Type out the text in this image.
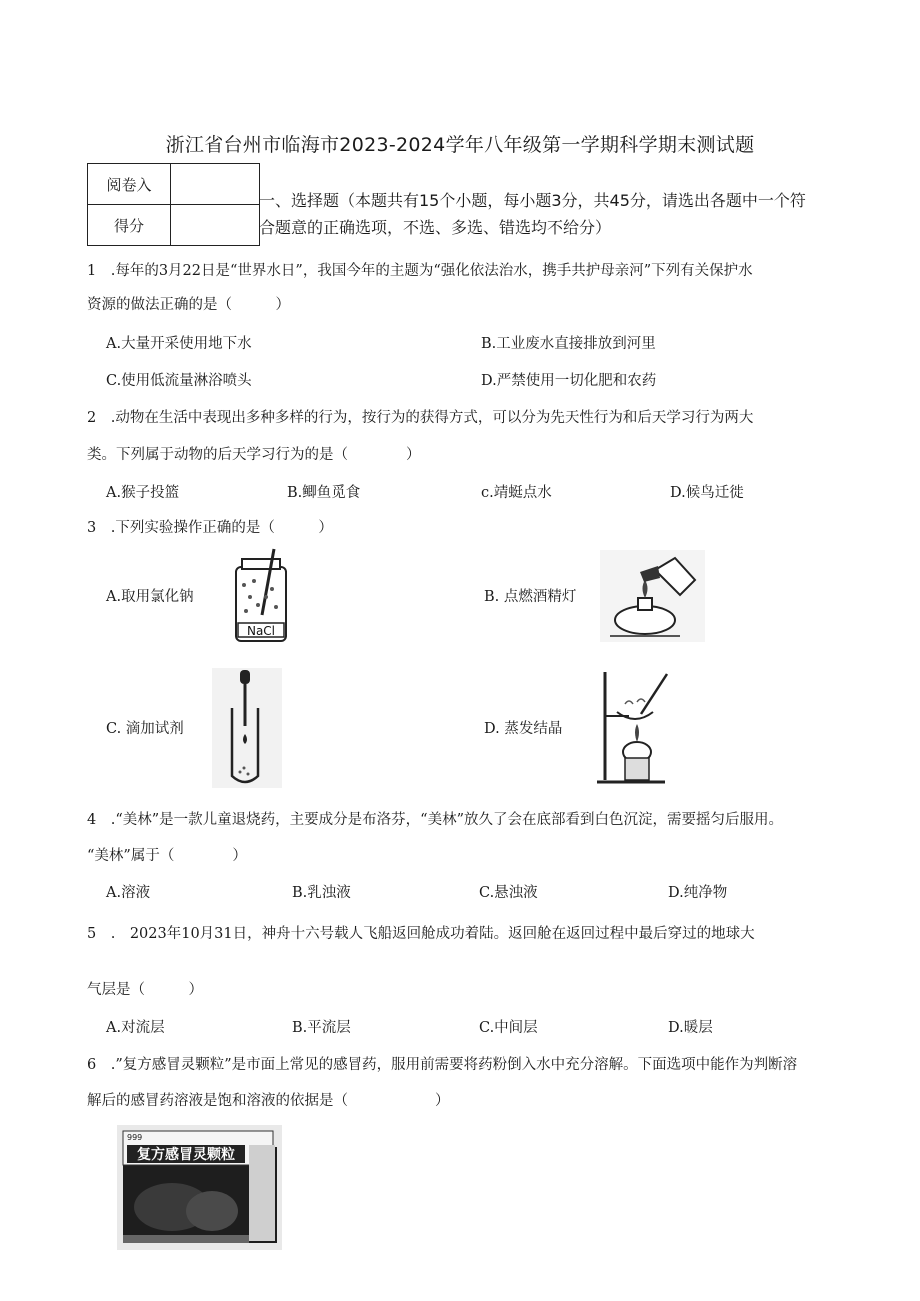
浙江省台州市临海市2023-2024学年八年级第一学期科学期末测试题
阅卷入	
得分	
一、选择题（本题共有15个小题，每小题3分，共45分，请选出各题中一个符
合题意的正确选项，不选、多选、错选均不给分）
1　.每年的3月22日是“世界水日”，我国今年的主题为“强化依法治水，携手共护母亲河”下列有关保护水
资源的做法正确的是（　　　）
A.大量开采使用地下水	B.工业废水直接排放到河里
C.使用低流量淋浴喷头	D.严禁使用一切化肥和农药
2　.动物在生活中表现出多种多样的行为，按行为的获得方式，可以分为先天性行为和后天学习行为两大
类。下列属于动物的后天学习行为的是（　　　　）
A.猴子投篮	B.鲫鱼觅食	c.靖蜓点水	D.候鸟迁徙
3　.下列实验操作正确的是（　　　）
A.取用氯化钠	B. 点燃酒精灯
C. 滴加试剂	D. 蒸发结晶
NaCl
4　.“美林”是一款儿童退烧药，主要成分是布洛芬，“美林”放久了会在底部看到白色沉淀，需要摇匀后服用。
“美林”属于（　　　　）
A.溶液	B.乳浊液	C.悬浊液	D.纯净物
5　.　2023年10月31日，神舟十六号载人飞船返回舱成功着陆。返回舱在返回过程中最后穿过的地球大
气层是（　　　）
A.对流层	B.平流层	C.中间层	D.暖层
6　.”复方感冒灵颗粒”是市面上常见的感冒药，服用前需要将药粉倒入水中充分溶解。下面选项中能作为判断溶
解后的感冒药溶液是饱和溶液的依据是（　　　　　　）
999
复方感冒灵颗粒
